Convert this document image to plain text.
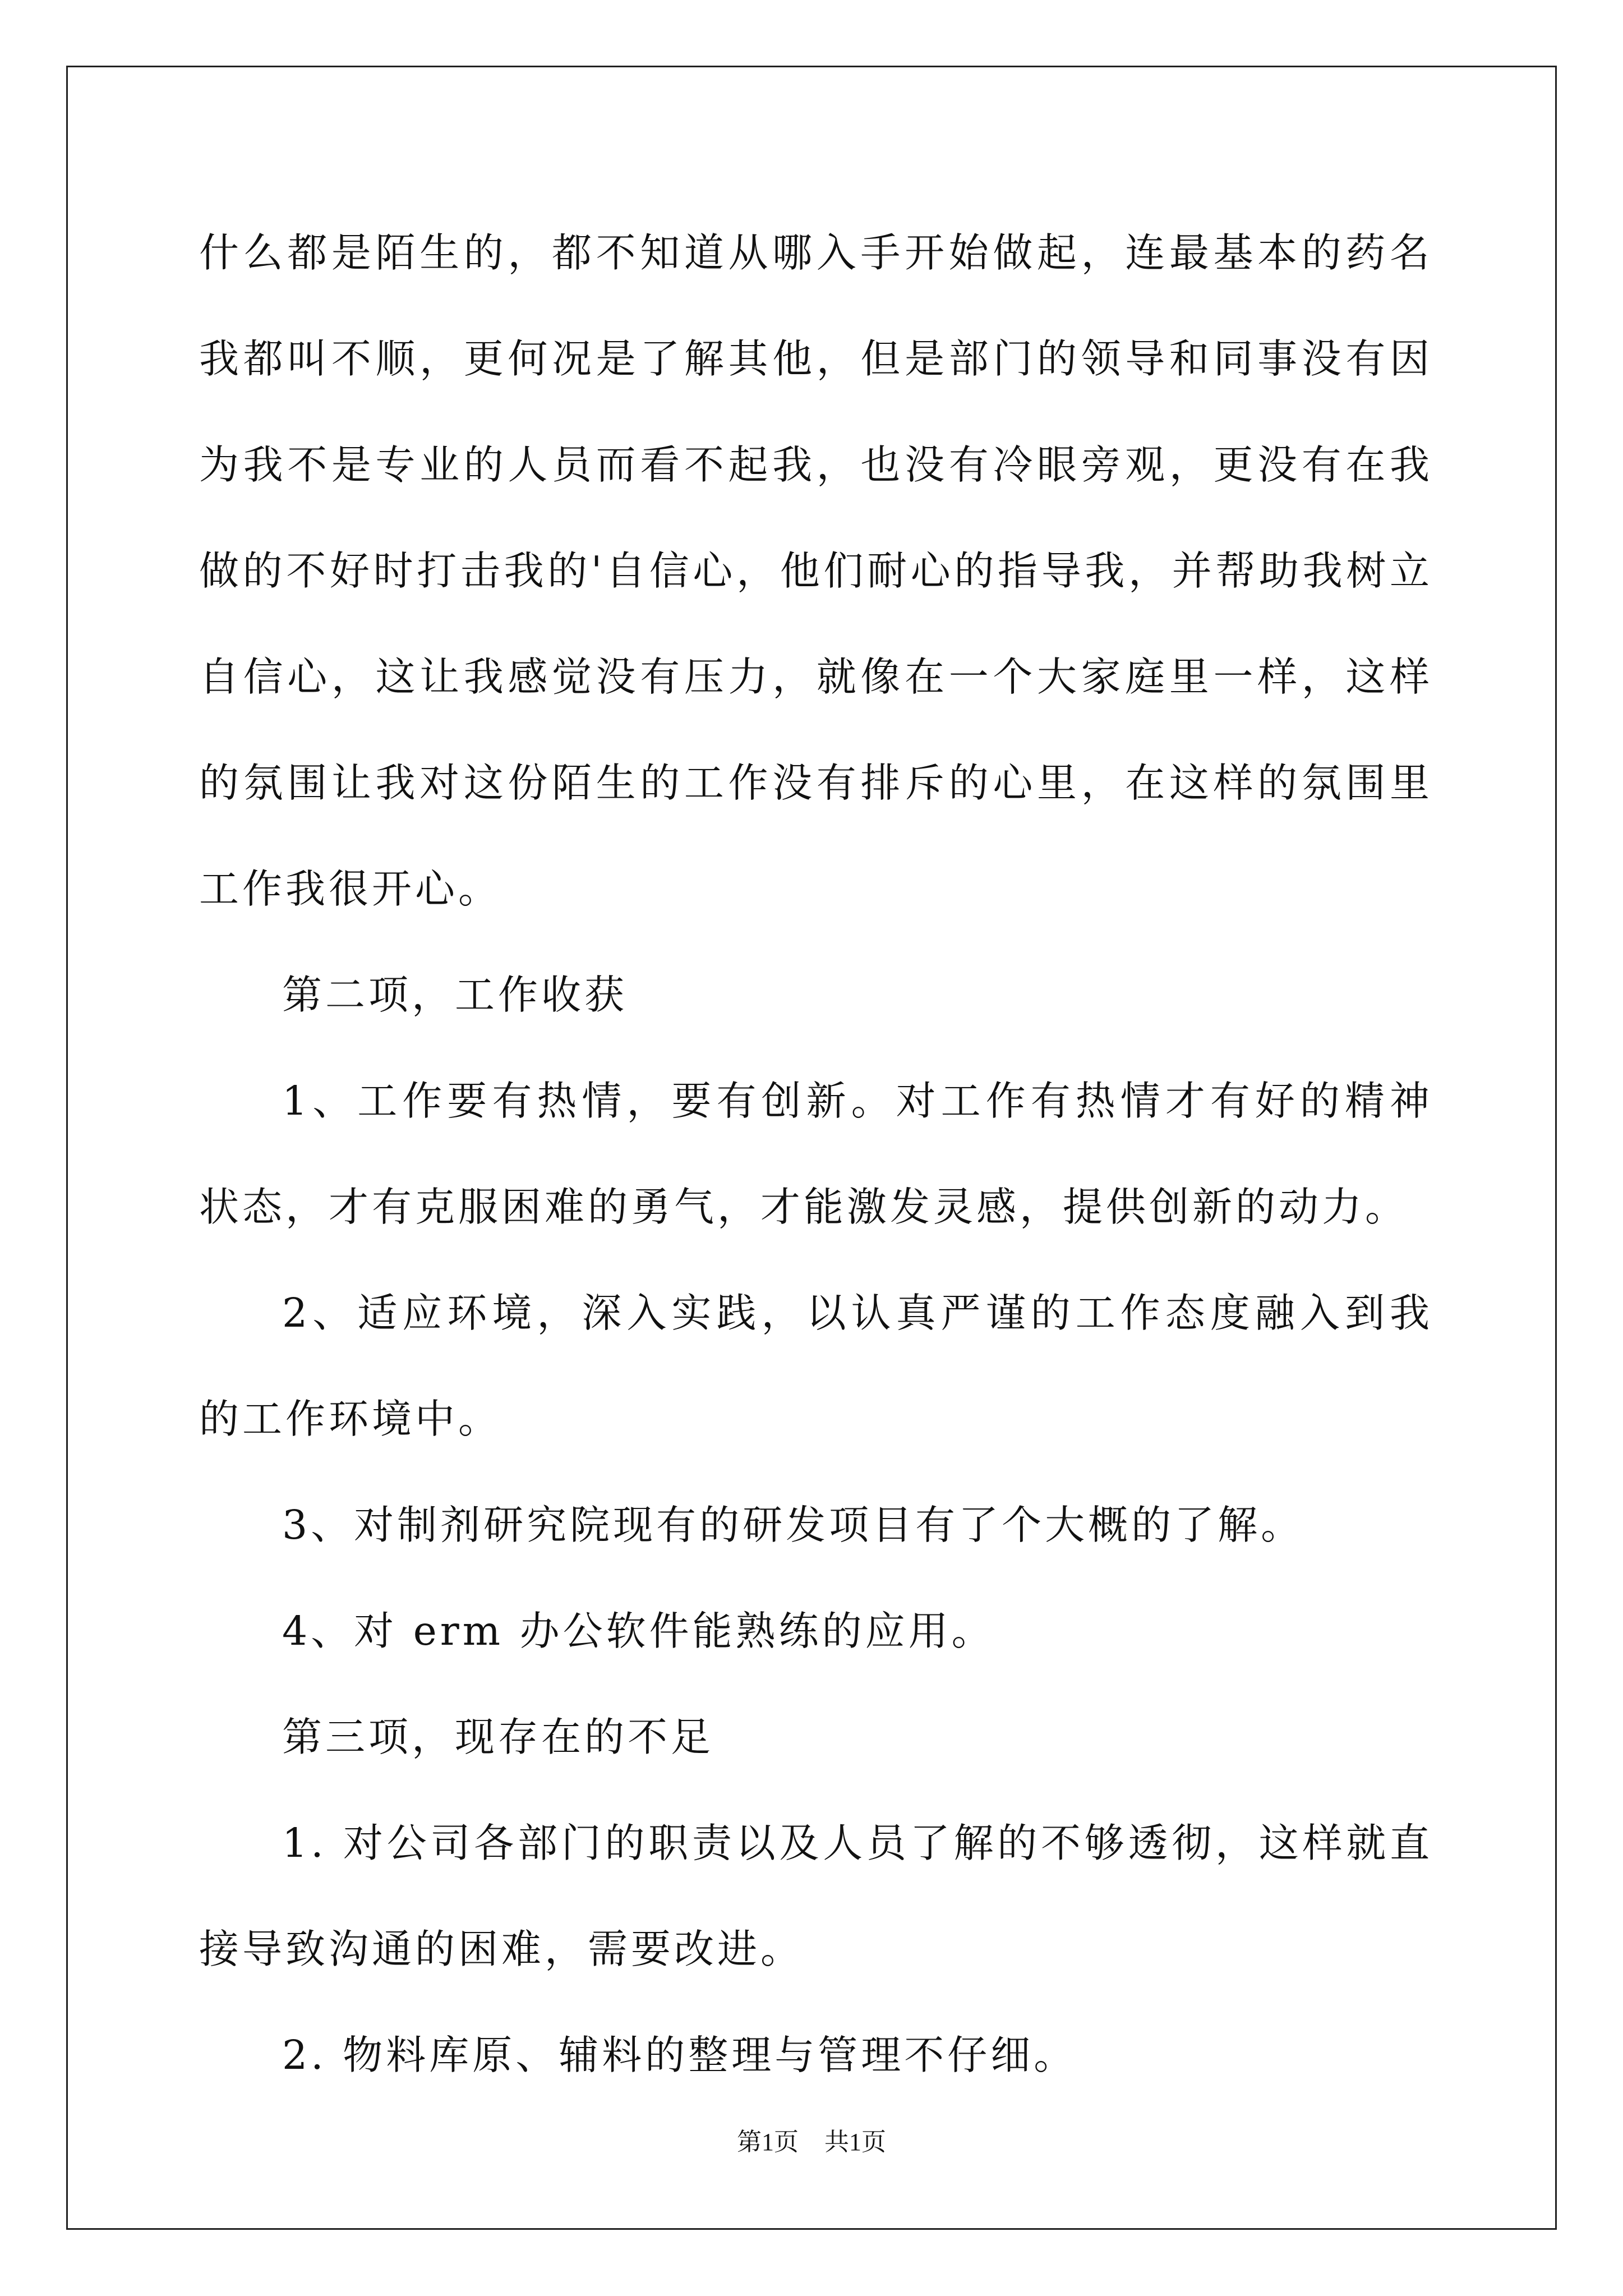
什么都是陌生的，都不知道从哪入手开始做起，连最基本的药名我都叫不顺，更何况是了解其他，但是部门的领导和同事没有因为我不是专业的人员而看不起我，也没有冷眼旁观，更没有在我做的不好时打击我的'自信心，他们耐心的指导我，并帮助我树立自信心，这让我感觉没有压力，就像在一个大家庭里一样，这样的氛围让我对这份陌生的工作没有排斥的心里，在这样的氛围里工作我很开心。

第二项，工作收获

1、工作要有热情，要有创新。对工作有热情才有好的精神状态，才有克服困难的勇气，才能激发灵感，提供创新的动力。

2、适应环境，深入实践，以认真严谨的工作态度融入到我的工作环境中。

3、对制剂研究院现有的研发项目有了个大概的了解。

4、对 erm 办公软件能熟练的应用。

第三项，现存在的不足

1. 对公司各部门的职责以及人员了解的不够透彻，这样就直接导致沟通的困难，需要改进。

2. 物料库原、辅料的整理与管理不仔细。

第1页 共1页
